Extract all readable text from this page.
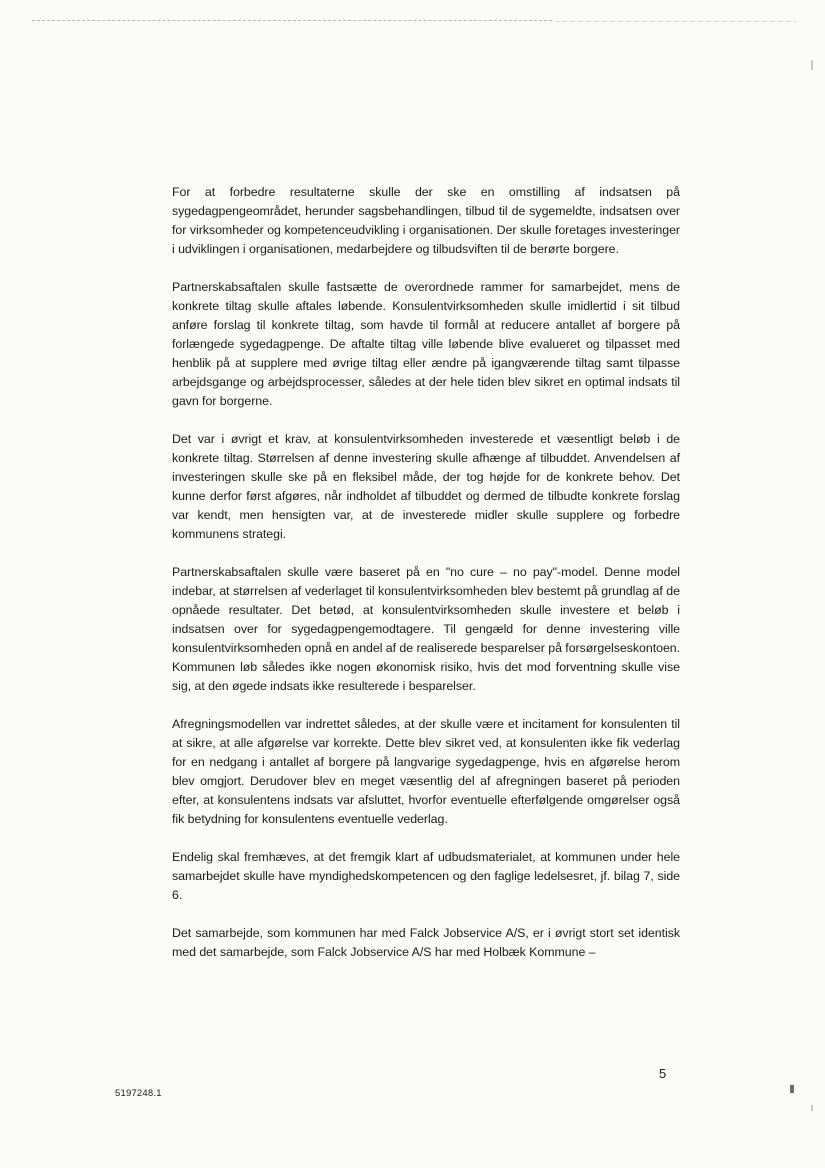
For at forbedre resultaterne skulle der ske en omstilling af indsatsen på sygedagpengeområdet, herunder sagsbehandlingen, tilbud til de sygemeldte, indsatsen over for virksomheder og kompetenceudvikling i organisationen. Der skulle foretages investeringer i udviklingen i organisationen, medarbejdere og tilbudsviften til de berørte borgere.

Partnerskabsaftalen skulle fastsætte de overordnede rammer for samarbejdet, mens de konkrete tiltag skulle aftales løbende. Konsulentvirksomheden skulle imidlertid i sit tilbud anføre forslag til konkrete tiltag, som havde til formål at reducere antallet af borgere på forlængede sygedagpenge. De aftalte tiltag ville løbende blive evalueret og tilpasset med henblik på at supplere med øvrige tiltag eller ændre på igangværende tiltag samt tilpasse arbejdsgange og arbejdsprocesser, således at der hele tiden blev sikret en optimal indsats til gavn for borgerne.

Det var i øvrigt et krav, at konsulentvirksomheden investerede et væsentligt beløb i de konkrete tiltag. Størrelsen af denne investering skulle afhænge af tilbuddet. Anvendelsen af investeringen skulle ske på en fleksibel måde, der tog højde for de konkrete behov. Det kunne derfor først afgøres, når indholdet af tilbuddet og dermed de tilbudte konkrete forslag var kendt, men hensigten var, at de investerede midler skulle supplere og forbedre kommunens strategi.

Partnerskabsaftalen skulle være baseret på en "no cure – no pay"-model. Denne model indebar, at størrelsen af vederlaget til konsulentvirksomheden blev bestemt på grundlag af de opnåede resultater. Det betød, at konsulentvirksomheden skulle investere et beløb i indsatsen over for sygedagpengemodtagere. Til gengæld for denne investering ville konsulentvirksomheden opnå en andel af de realiserede besparelser på forsørgelseskontoen. Kommunen løb således ikke nogen økonomisk risiko, hvis det mod forventning skulle vise sig, at den øgede indsats ikke resulterede i besparelser.

Afregningsmodellen var indrettet således, at der skulle være et incitament for konsulenten til at sikre, at alle afgørelse var korrekte. Dette blev sikret ved, at konsulenten ikke fik vederlag for en nedgang i antallet af borgere på langvarige sygedagpenge, hvis en afgørelse herom blev omgjort. Derudover blev en meget væsentlig del af afregningen baseret på perioden efter, at konsulentens indsats var afsluttet, hvorfor eventuelle efterfølgende omgørelser også fik betydning for konsulentens eventuelle vederlag.

Endelig skal fremhæves, at det fremgik klart af udbudsmaterialet, at kommunen under hele samarbejdet skulle have myndighedskompetencen og den faglige ledelsesret, jf. bilag 7, side 6.

Det samarbejde, som kommunen har med Falck Jobservice A/S, er i øvrigt stort set identisk med det samarbejde, som Falck Jobservice A/S har med Holbæk Kommune –

5
5197248.1
